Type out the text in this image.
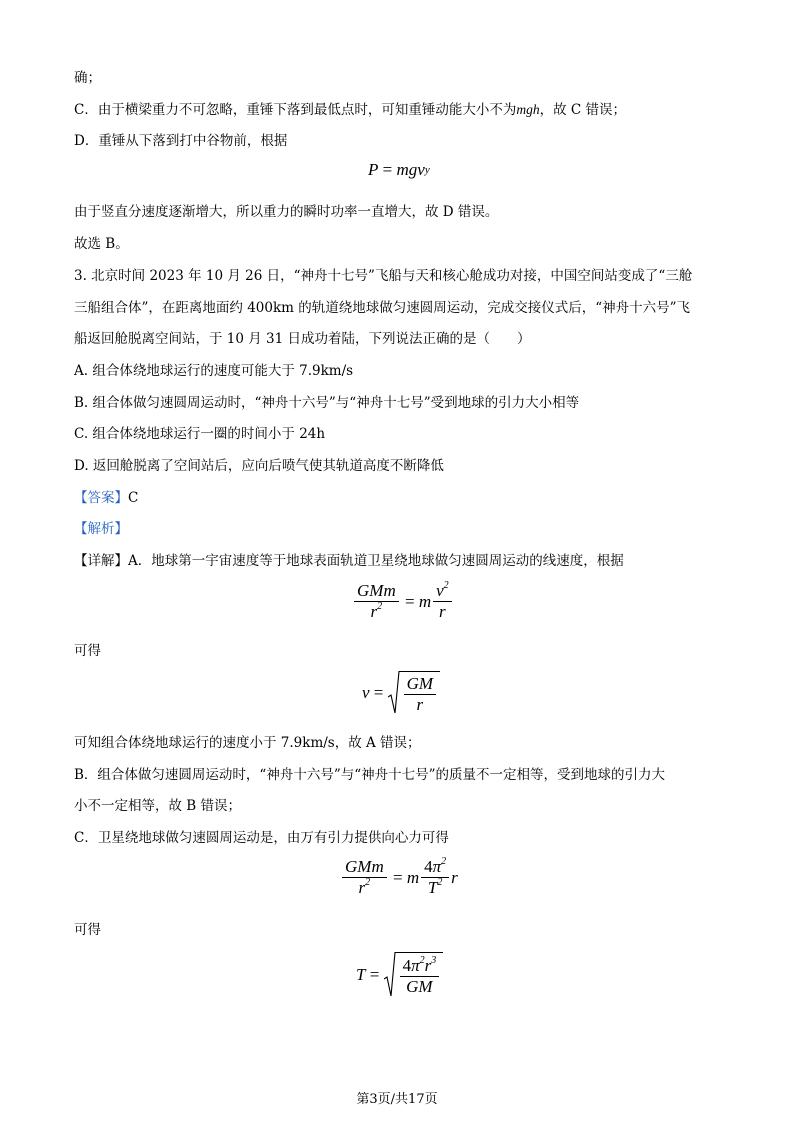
确；
C．由于横梁重力不可忽略，重锤下落到最低点时，可知重锤动能大小不为mgh，故 C 错误；
D．重锤从下落到打中谷物前，根据
P = mgv y
由于竖直分速度逐渐增大，所以重力的瞬时功率一直增大，故 D 错误。
故选 B。
3. 北京时间 2023 年 10 月 26 日，“神舟十七号”飞船与天和核心舱成功对接，中国空间站变成了“三舱
三船组合体”，在距离地面约 400km 的轨道绕地球做匀速圆周运动，完成交接仪式后，“神舟十六号”飞
船返回舱脱离空间站，于 10 月 31 日成功着陆，下列说法正确的是（　　）
A. 组合体绕地球运行的速度可能大于 7.9km/s
B. 组合体做匀速圆周运动时，“神舟十六号”与“神舟十七号”受到地球的引力大小相等
C. 组合体绕地球运行一圈的时间小于 24h
D. 返回舱脱离了空间站后，应向后喷气使其轨道高度不断降低
【答案】C
【解析】
【详解】A．地球第一宇宙速度等于地球表面轨道卫星绕地球做匀速圆周运动的线速度，根据
$\frac{\text{GMm}}{r^2} = m \frac{v^2}{r}$
可得
$v = \frac{GM}{r}$
可知组合体绕地球运行的速度小于 7.9km/s，故 A 错误；
B．组合体做匀速圆周运动时，“神舟十六号”与“神舟十七号”的质量不一定相等，受到地球的引力大
小不一定相等，故 B 错误；
C．卫星绕地球做匀速圆周运动是，由万有引力提供向心力可得
$\frac{\text{GMm}}{r^2} = m \frac{4\pi^2}{T^2}$ r
可得
$T = \frac{4\pi^2r^3}{GM}$
第3页/共17页
